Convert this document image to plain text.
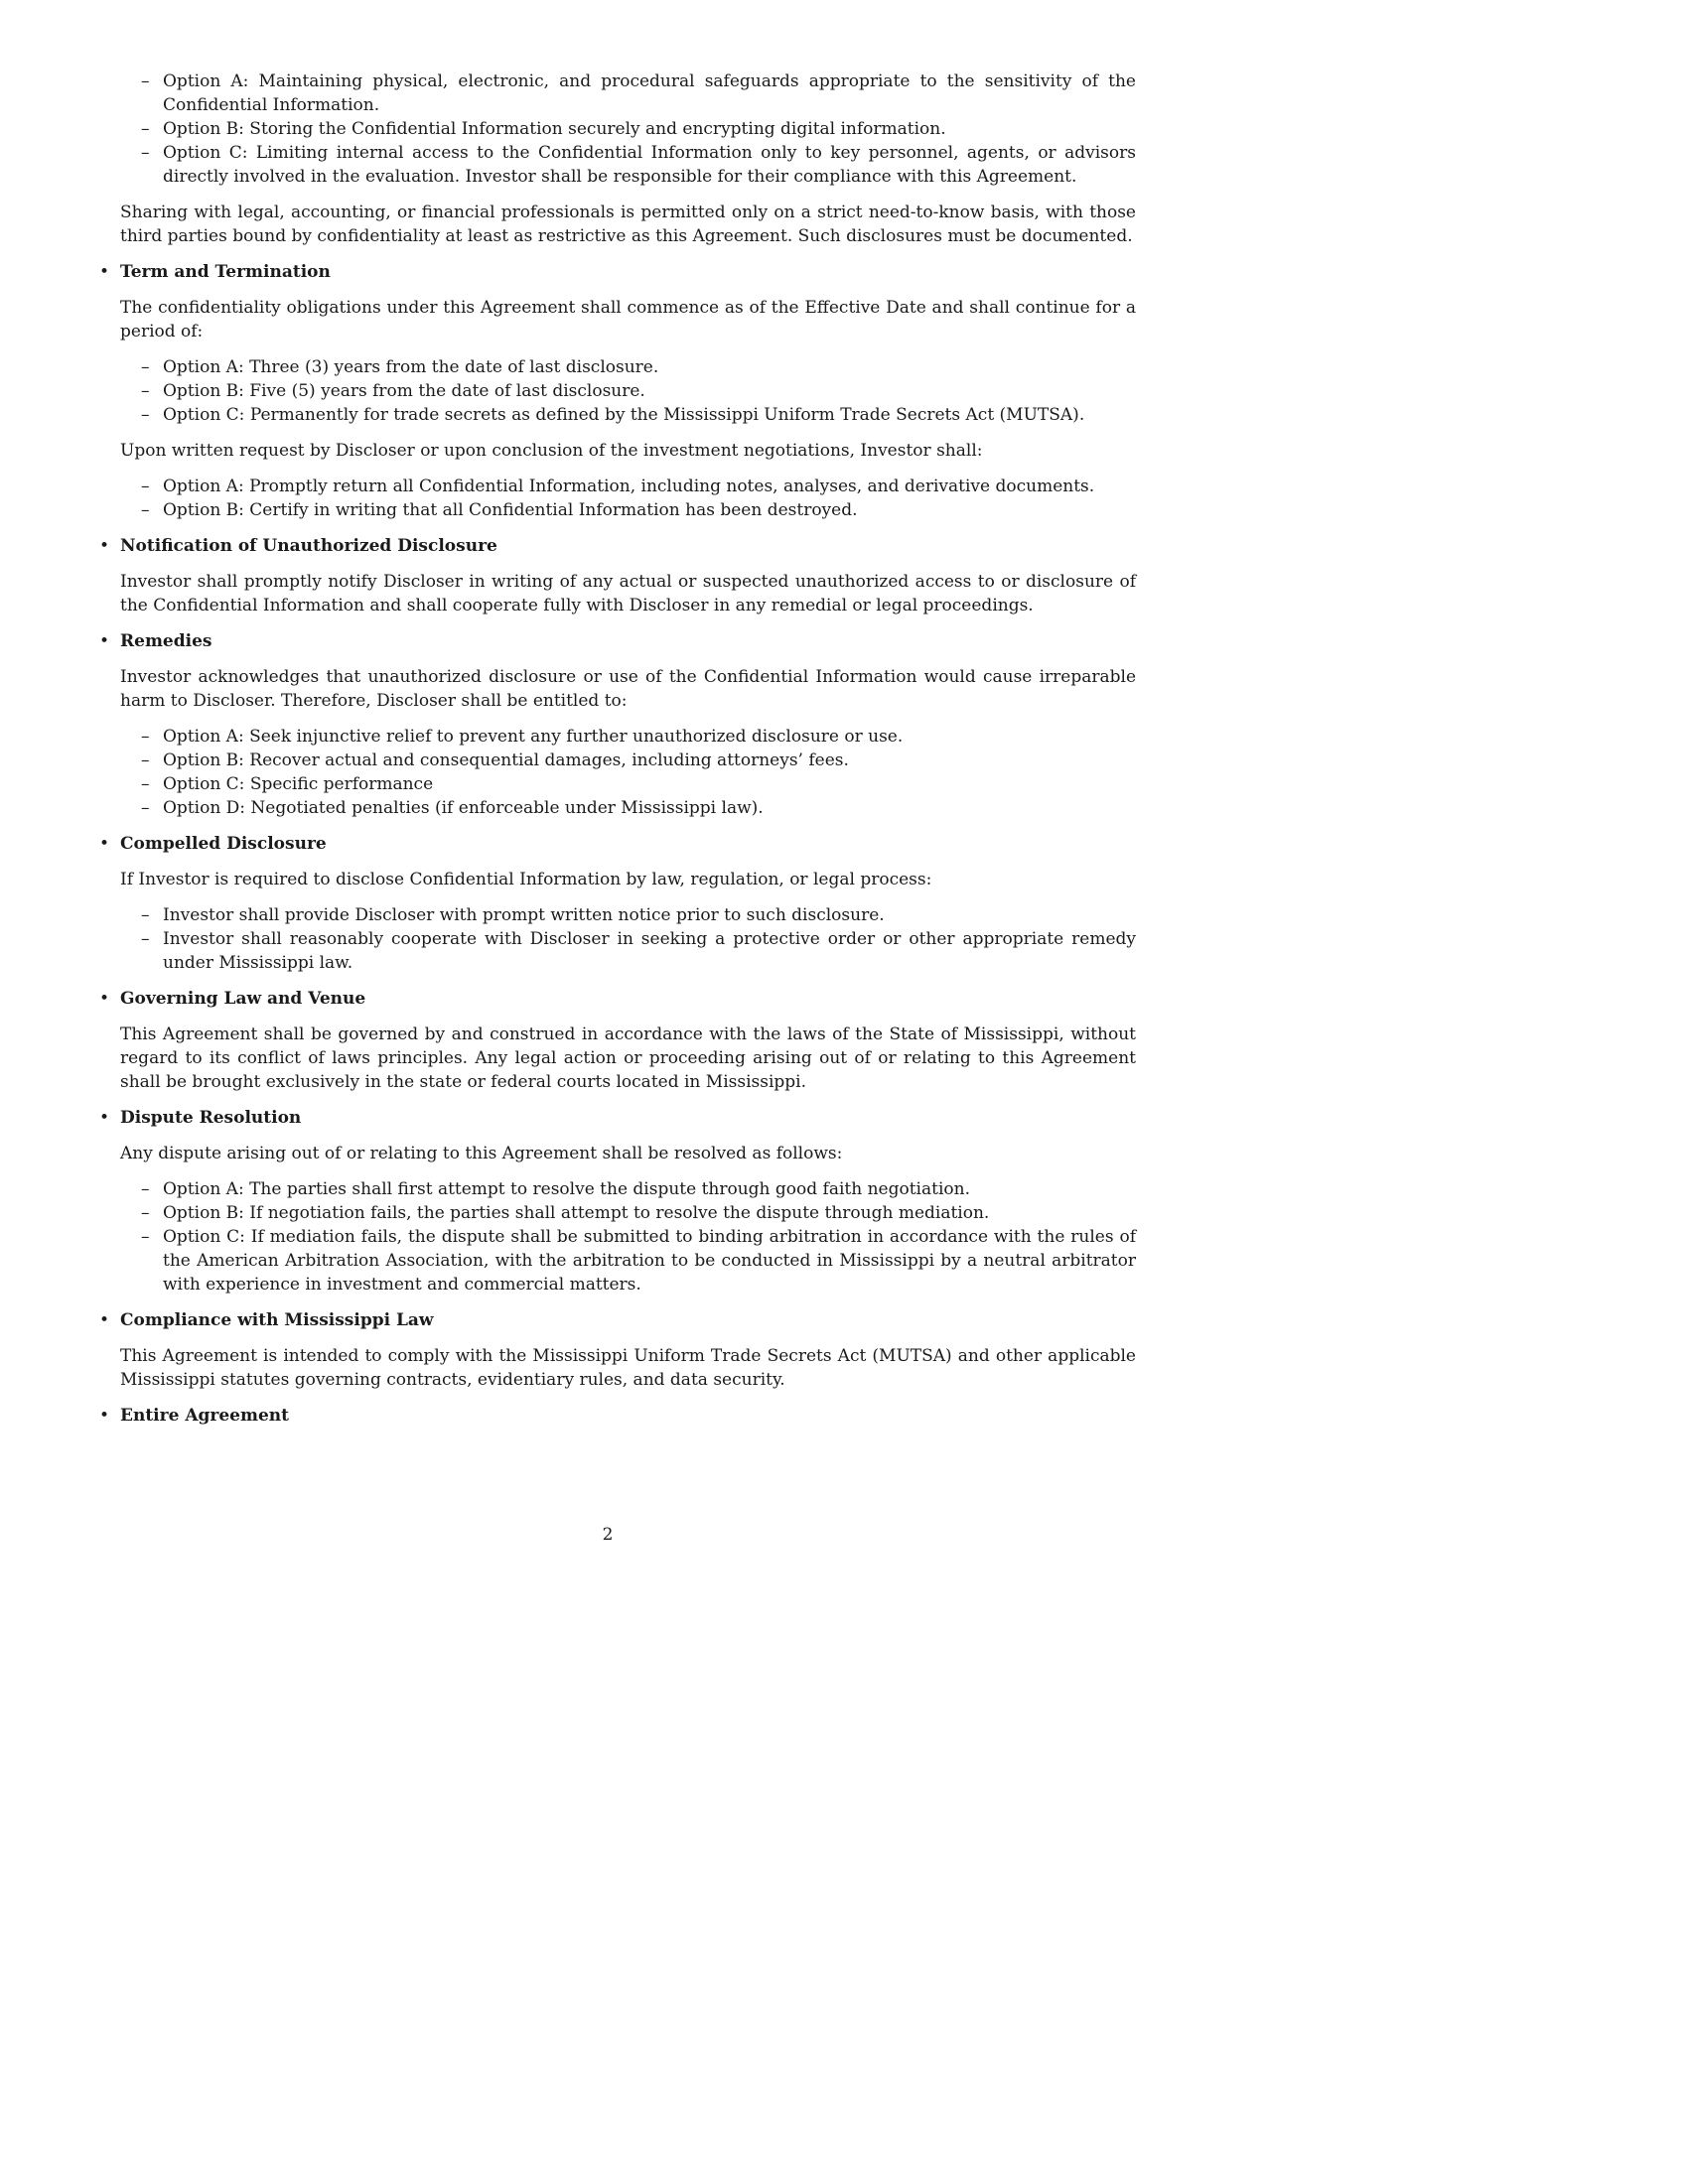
– Option A: Maintaining physical, electronic, and procedural safeguards appropriate to the sensitivity of the Confidential Information.
– Option B: Storing the Confidential Information securely and encrypting digital information.
– Option C: Limiting internal access to the Confidential Information only to key personnel, agents, or advisors directly involved in the evaluation. Investor shall be responsible for their compliance with this Agreement.

Sharing with legal, accounting, or financial professionals is permitted only on a strict need-to-know basis, with those third parties bound by confidentiality at least as restrictive as this Agreement. Such disclosures must be documented.

• Term and Termination

The confidentiality obligations under this Agreement shall commence as of the Effective Date and shall continue for a period of:

– Option A: Three (3) years from the date of last disclosure.
– Option B: Five (5) years from the date of last disclosure.
– Option C: Permanently for trade secrets as defined by the Mississippi Uniform Trade Secrets Act (MUTSA).

Upon written request by Discloser or upon conclusion of the investment negotiations, Investor shall:

– Option A: Promptly return all Confidential Information, including notes, analyses, and derivative documents.
– Option B: Certify in writing that all Confidential Information has been destroyed.

• Notification of Unauthorized Disclosure

Investor shall promptly notify Discloser in writing of any actual or suspected unauthorized access to or disclosure of the Confidential Information and shall cooperate fully with Discloser in any remedial or legal proceedings.

• Remedies

Investor acknowledges that unauthorized disclosure or use of the Confidential Information would cause irreparable harm to Discloser. Therefore, Discloser shall be entitled to:

– Option A: Seek injunctive relief to prevent any further unauthorized disclosure or use.
– Option B: Recover actual and consequential damages, including attorneys’ fees.
– Option C: Specific performance
– Option D: Negotiated penalties (if enforceable under Mississippi law).

• Compelled Disclosure

If Investor is required to disclose Confidential Information by law, regulation, or legal process:

– Investor shall provide Discloser with prompt written notice prior to such disclosure.
– Investor shall reasonably cooperate with Discloser in seeking a protective order or other appropriate remedy under Mississippi law.

• Governing Law and Venue

This Agreement shall be governed by and construed in accordance with the laws of the State of Mississippi, without regard to its conflict of laws principles. Any legal action or proceeding arising out of or relating to this Agreement shall be brought exclusively in the state or federal courts located in Mississippi.

• Dispute Resolution

Any dispute arising out of or relating to this Agreement shall be resolved as follows:

– Option A: The parties shall first attempt to resolve the dispute through good faith negotiation.
– Option B: If negotiation fails, the parties shall attempt to resolve the dispute through mediation.
– Option C: If mediation fails, the dispute shall be submitted to binding arbitration in accordance with the rules of the American Arbitration Association, with the arbitration to be conducted in Mississippi by a neutral arbitrator with experience in investment and commercial matters.

• Compliance with Mississippi Law

This Agreement is intended to comply with the Mississippi Uniform Trade Secrets Act (MUTSA) and other applicable Mississippi statutes governing contracts, evidentiary rules, and data security.

• Entire Agreement

2
